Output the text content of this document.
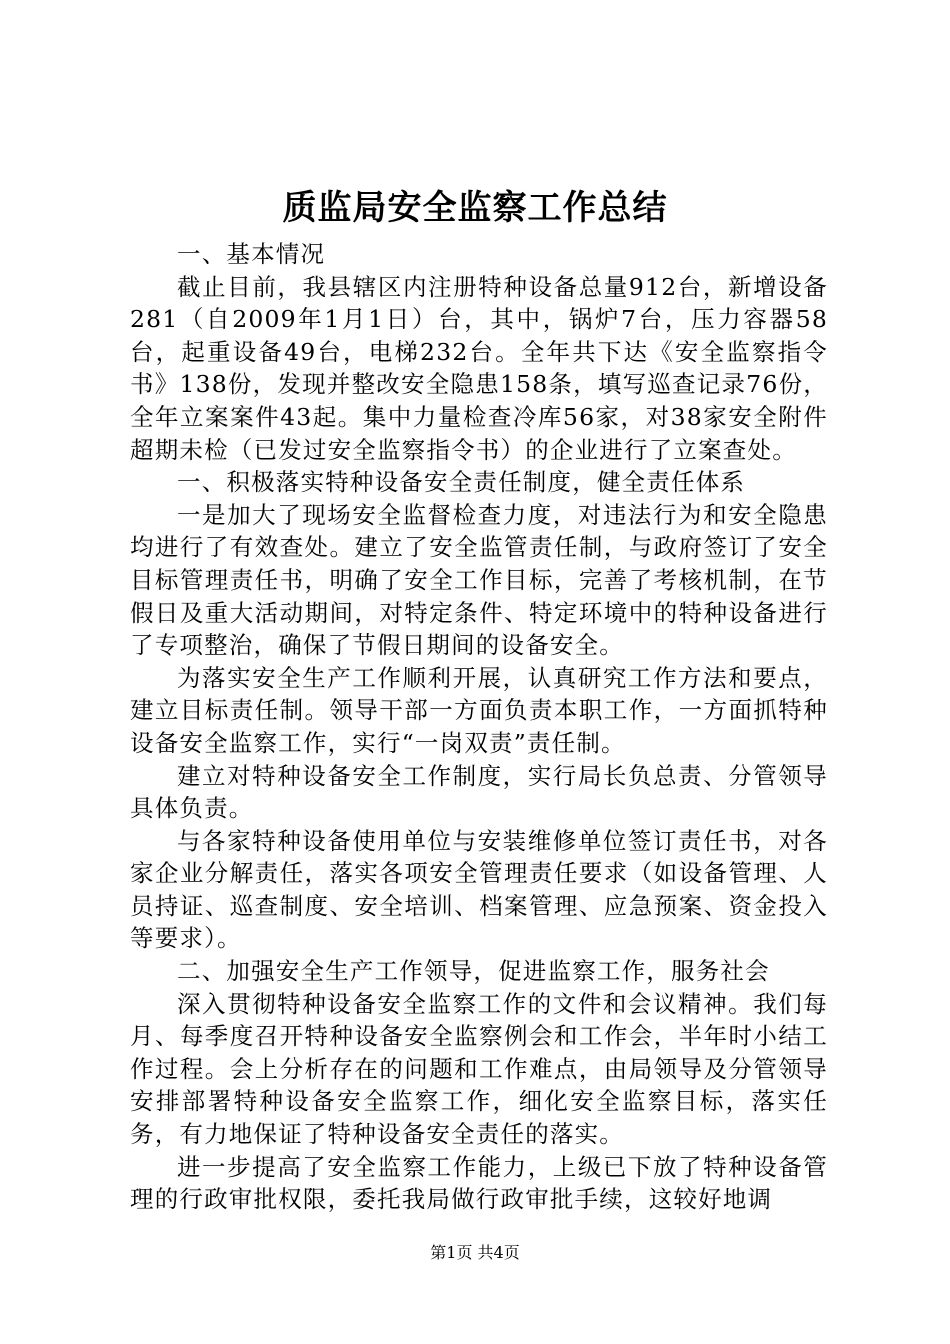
质监局安全监察工作总结

一、基本情况

截止目前，我县辖区内注册特种设备总量912台，新增设备281（自2009年1月1日）台，其中，锅炉7台，压力容器58台，起重设备49台，电梯232台。全年共下达《安全监察指令书》138份，发现并整改安全隐患158条，填写巡查记录76份，全年立案案件43起。集中力量检查冷库56家，对38家安全附件超期未检（已发过安全监察指令书）的企业进行了立案查处。

一、积极落实特种设备安全责任制度，健全责任体系

一是加大了现场安全监督检查力度，对违法行为和安全隐患均进行了有效查处。建立了安全监管责任制，与政府签订了安全目标管理责任书，明确了安全工作目标，完善了考核机制，在节假日及重大活动期间，对特定条件、特定环境中的特种设备进行了专项整治，确保了节假日期间的设备安全。

为落实安全生产工作顺利开展，认真研究工作方法和要点，建立目标责任制。领导干部一方面负责本职工作，一方面抓特种设备安全监察工作，实行“一岗双责”责任制。

建立对特种设备安全工作制度，实行局长负总责、分管领导具体负责。

与各家特种设备使用单位与安装维修单位签订责任书，对各家企业分解责任，落实各项安全管理责任要求（如设备管理、人员持证、巡查制度、安全培训、档案管理、应急预案、资金投入等要求）。

二、加强安全生产工作领导，促进监察工作，服务社会

深入贯彻特种设备安全监察工作的文件和会议精神。我们每月、每季度召开特种设备安全监察例会和工作会，半年时小结工作过程。会上分析存在的问题和工作难点，由局领导及分管领导安排部署特种设备安全监察工作，细化安全监察目标，落实任务，有力地保证了特种设备安全责任的落实。

进一步提高了安全监察工作能力，上级已下放了特种设备管理的行政审批权限，委托我局做行政审批手续，这较好地调

第1页 共4页
